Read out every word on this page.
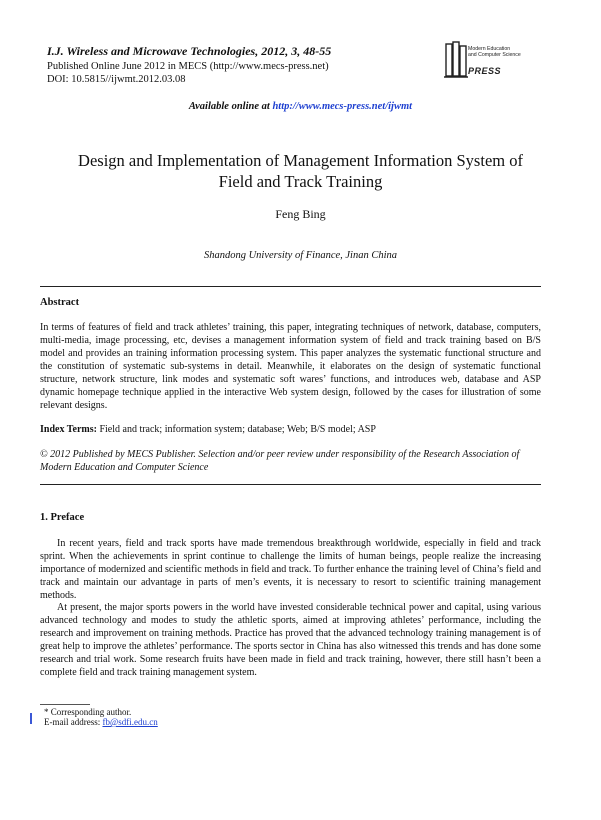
I.J. Wireless and Microwave Technologies, 2012, 3, 48-55
Published Online June 2012 in MECS (http://www.mecs-press.net)
DOI: 10.5815//ijwmt.2012.03.08
Modern Education
and Computer Science
PRESS
Available online at http://www.mecs-press.net/ijwmt
Design and Implementation of Management Information System of
Field and Track Training
Feng Bing
Shandong University of Finance, Jinan China
Abstract
In terms of features of field and track athletes’ training, this paper, integrating techniques of network, database, computers, multi-media, image processing, etc, devises a management information system of field and track training based on B/S model and provides an training information processing system. This paper analyzes the systematic functional structure and the constitution of systematic sub-systems in detail. Meanwhile, it elaborates on the design of systematic functional structure, network structure, link modes and systematic soft wares’ functions, and introduces web, database and ASP dynamic homepage technique applied in the interactive Web system design, followed by the cases for illustration of some relevant designs.
Index Terms: Field and track; information system; database; Web; B/S model; ASP
© 2012 Published by MECS Publisher. Selection and/or peer review under responsibility of the Research Association of Modern Education and Computer Science
1. Preface
In recent years, field and track sports have made tremendous breakthrough worldwide, especially in field and track sprint. When the achievements in sprint continue to challenge the limits of human beings, people realize the increasing importance of modernized and scientific methods in field and track. To further enhance the training level of China’s field and track and maintain our advantage in parts of men’s events, it is necessary to resort to scientific training management methods.
At present, the major sports powers in the world have invested considerable technical power and capital, using various advanced technology and modes to study the athletic sports, aimed at improving athletes’ performance, including the research and improvement on training methods. Practice has proved that the advanced technology training management is of great help to improve the athletes’ performance. The sports sector in China has also witnessed this trends and has done some research and trial work. Some research fruits have been made in field and track training, however, there still hasn’t been a complete field and track training management system.
* Corresponding author.
E-mail address: fb@sdfi.edu.cn
